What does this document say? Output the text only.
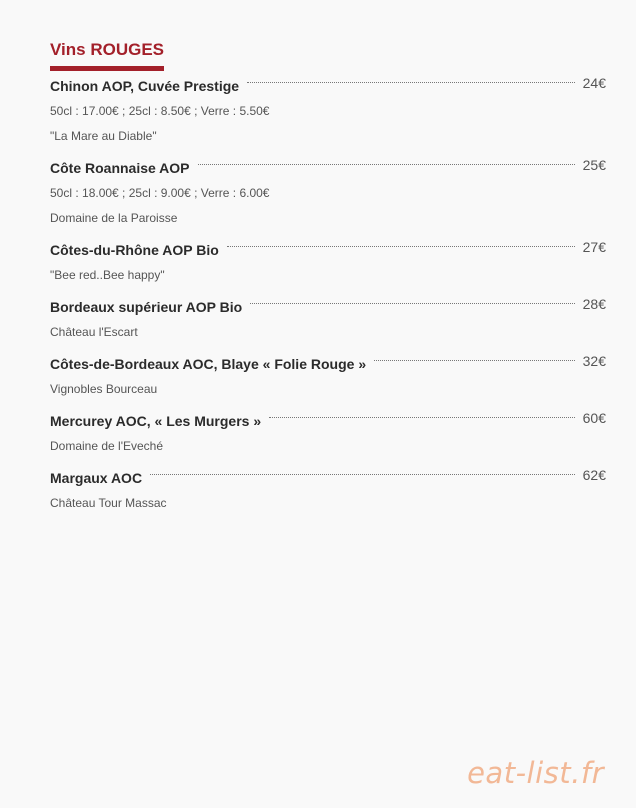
Vins ROUGES
Chinon AOP, Cuvée Prestige	24€
50cl : 17.00€ ; 25cl : 8.50€ ; Verre : 5.50€
"La Mare au Diable"
Côte Roannaise AOP	25€
50cl : 18.00€ ; 25cl : 9.00€ ; Verre : 6.00€
Domaine de la Paroisse
Côtes-du-Rhône AOP Bio	27€
"Bee red..Bee happy"
Bordeaux supérieur AOP Bio	28€
Château l'Escart
Côtes-de-Bordeaux AOC, Blaye « Folie Rouge »	32€
Vignobles Bourceau
Mercurey AOC, « Les Murgers »	60€
Domaine de l'Eveché
Margaux AOC	62€
Château Tour Massac
eat-list.fr
